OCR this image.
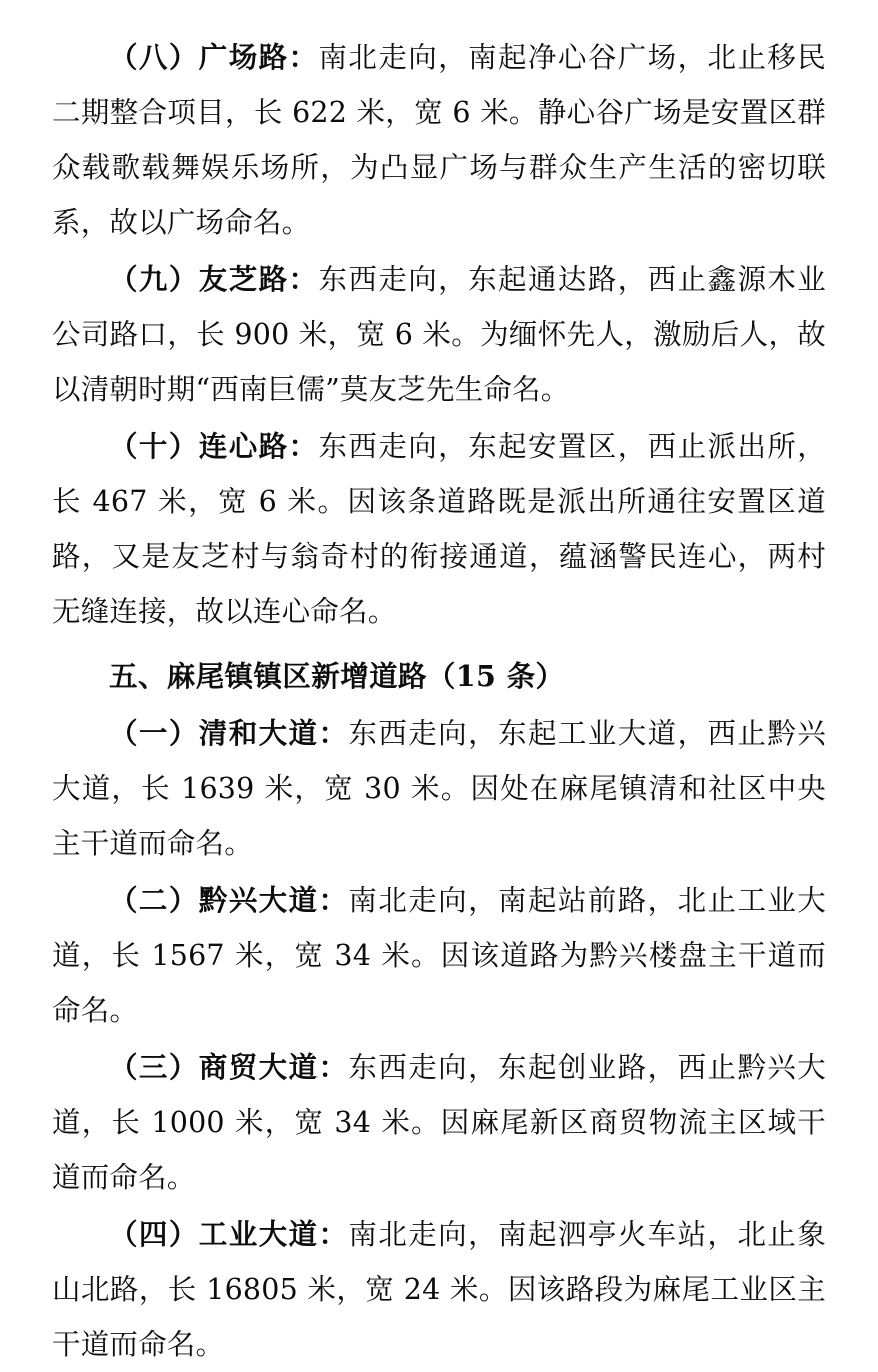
（八）广场路：南北走向，南起净心谷广场，北止移民二期整合项目，长 622 米，宽 6 米。静心谷广场是安置区群众载歌载舞娱乐场所，为凸显广场与群众生产生活的密切联系，故以广场命名。

（九）友芝路：东西走向，东起通达路，西止鑫源木业公司路口，长 900 米，宽 6 米。为缅怀先人，激励后人，故以清朝时期“西南巨儒”莫友芝先生命名。

（十）连心路：东西走向，东起安置区，西止派出所，长 467 米，宽 6 米。因该条道路既是派出所通往安置区道路，又是友芝村与翁奇村的衔接通道，蕴涵警民连心，两村无缝连接，故以连心命名。

五、麻尾镇镇区新增道路（15 条）

（一）清和大道：东西走向，东起工业大道，西止黔兴大道，长 1639 米，宽 30 米。因处在麻尾镇清和社区中央主干道而命名。

（二）黔兴大道：南北走向，南起站前路，北止工业大道，长 1567 米，宽 34 米。因该道路为黔兴楼盘主干道而命名。

（三）商贸大道：东西走向，东起创业路，西止黔兴大道，长 1000 米，宽 34 米。因麻尾新区商贸物流主区域干道而命名。

（四）工业大道：南北走向，南起泗亭火车站，北止象山北路，长 16805 米，宽 24 米。因该路段为麻尾工业区主干道而命名。
